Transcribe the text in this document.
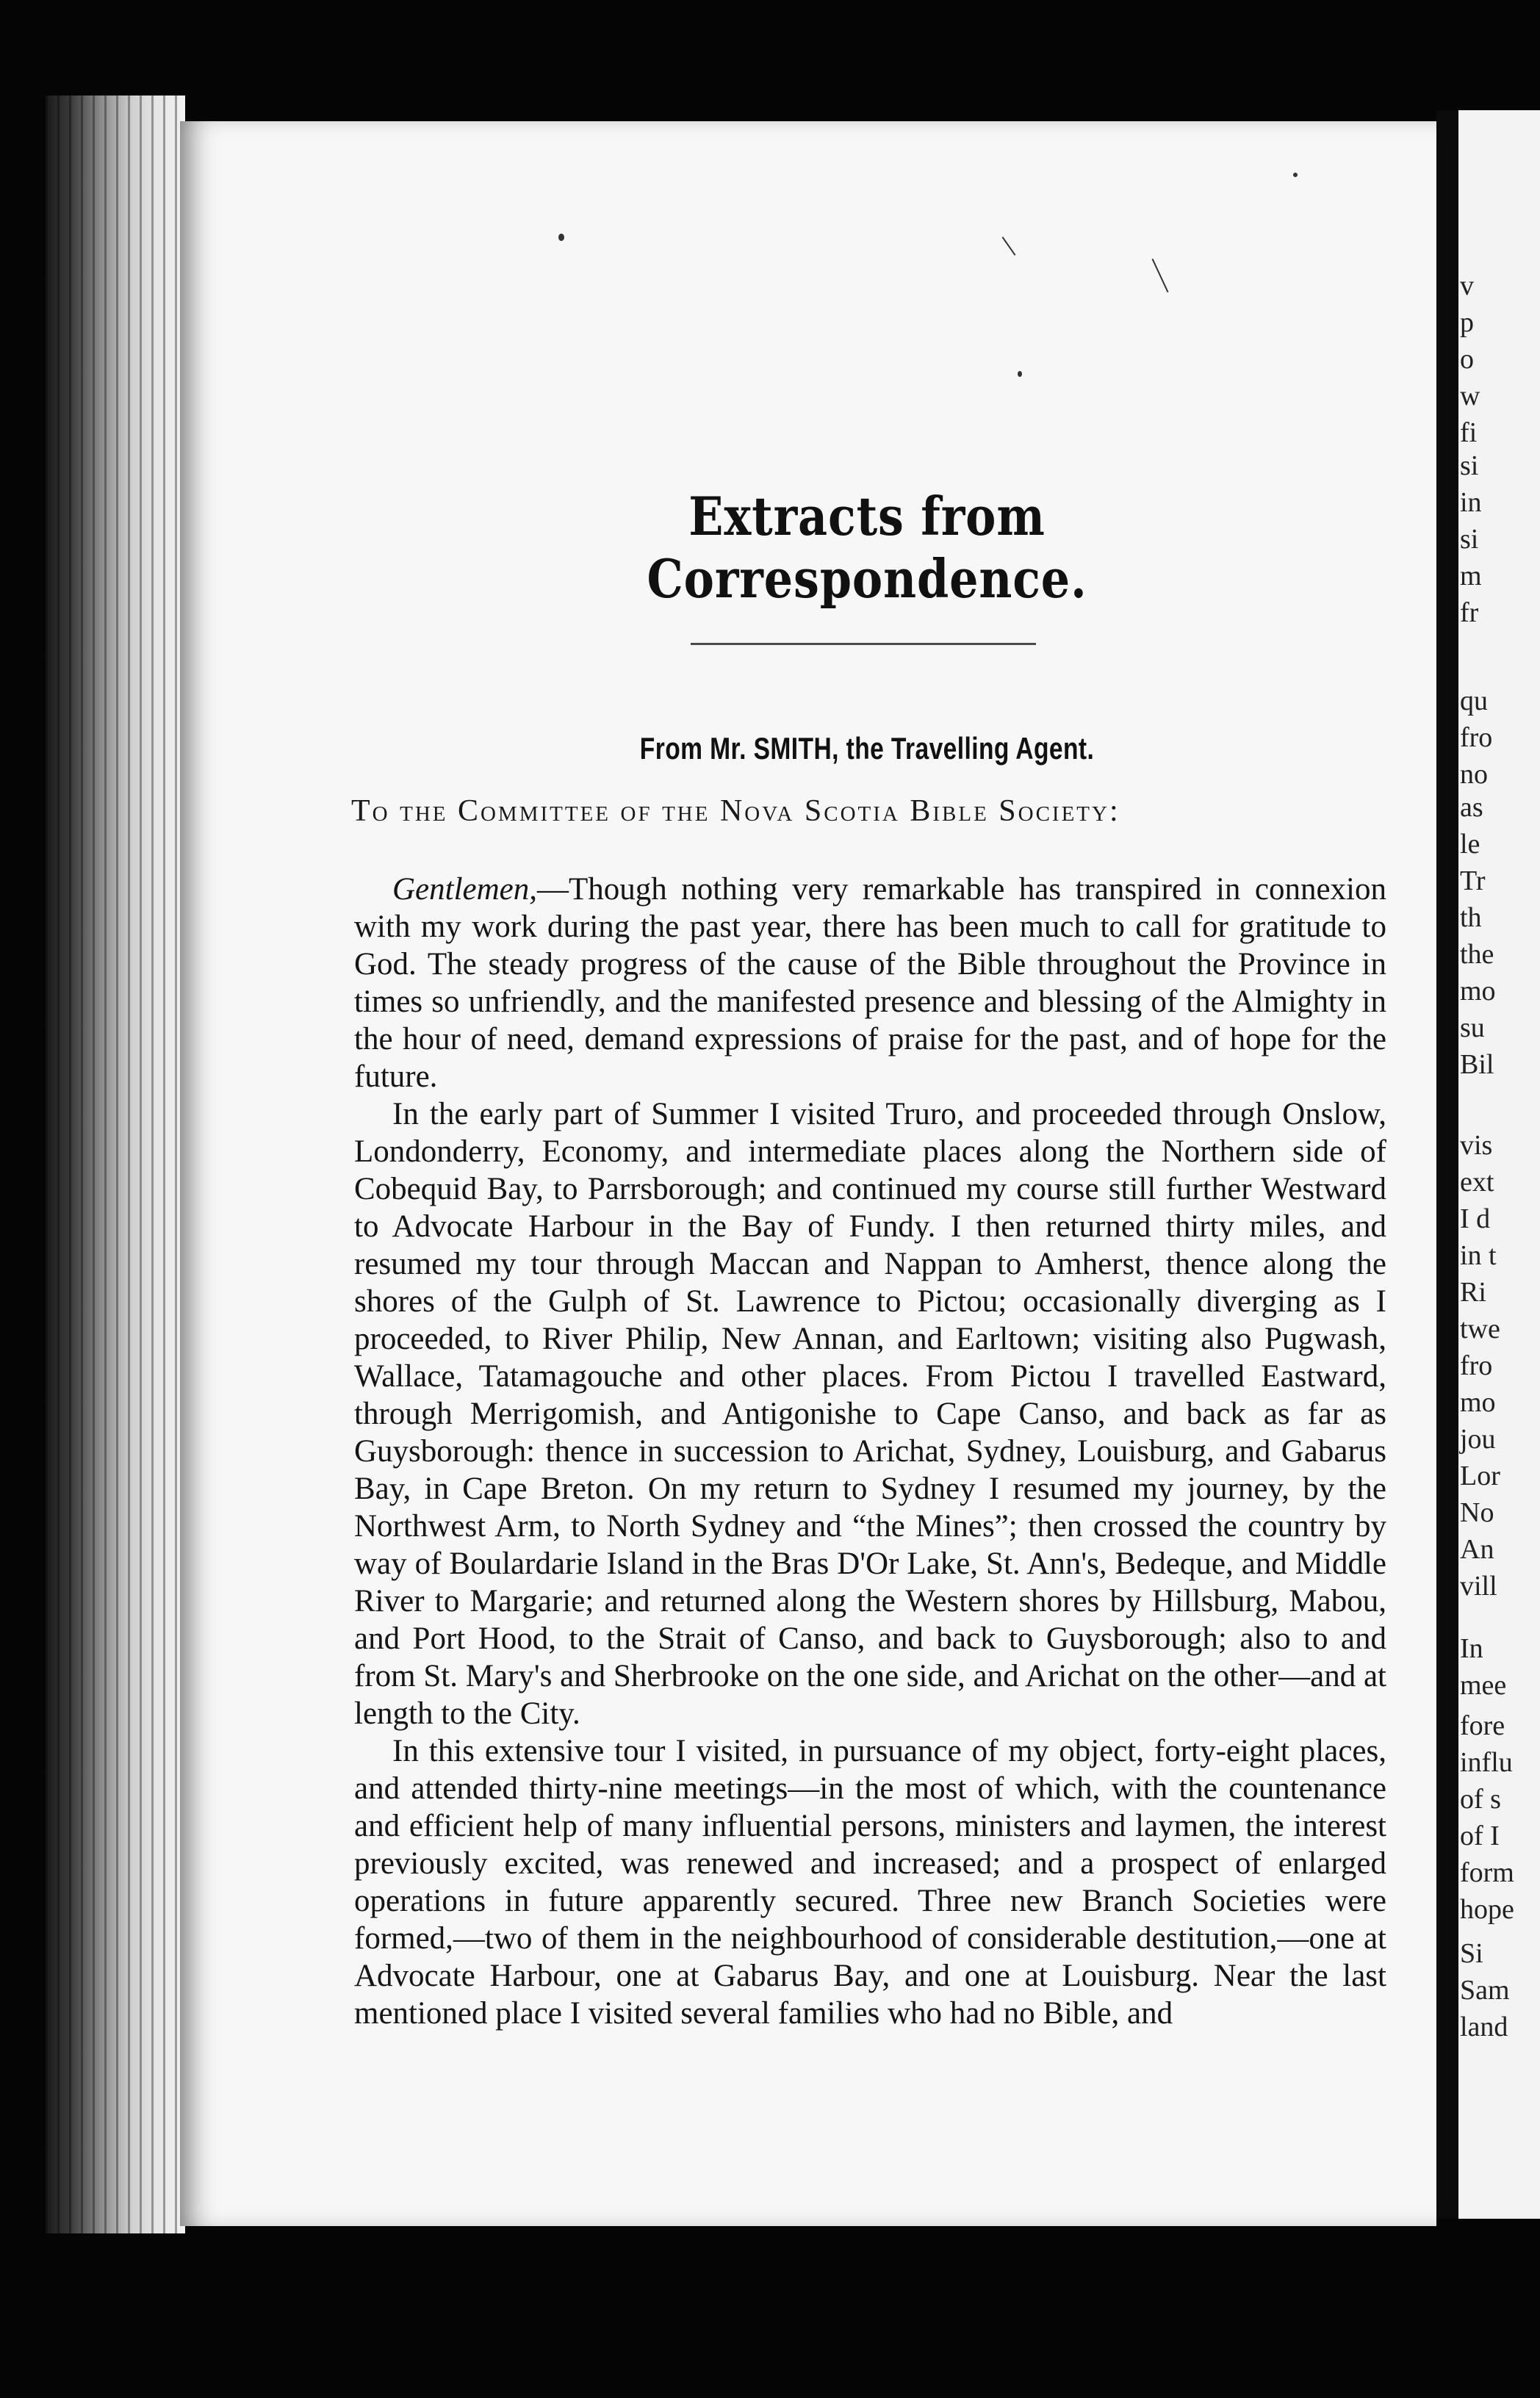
v
p
o
w
fi
si
in
si
m
fr
qu
fro
no
as
le
Tr
th
the
mo
su
Bil
vis
ext
I d
in t
Ri
twe
fro
mo
jou
Lor
No
An
vill
In
mee
fore
influ
of s
of I
form
hope
Si
Sam
land
Extracts from Correspondence.
From Mr. SMITH, the Travelling Agent.
To the Committee of the Nova Scotia Bible Society:

Gentlemen,—Though nothing very remarkable has transpired in connexion with my work during the past year, there has been much to call for gratitude to God. The steady progress of the cause of the Bible throughout the Province in times so unfriendly, and the manifested presence and blessing of the Almighty in the hour of need, demand expressions of praise for the past, and of hope for the future.

In the early part of Summer I visited Truro, and proceeded through Onslow, Londonderry, Economy, and intermediate places along the Northern side of Cobequid Bay, to Parrsborough; and continued my course still further Westward to Advocate Harbour in the Bay of Fundy. I then returned thirty miles, and resumed my tour through Maccan and Nappan to Amherst, thence along the shores of the Gulph of St. Lawrence to Pictou; occasionally diverging as I proceeded, to River Philip, New Annan, and Earltown; visiting also Pugwash, Wallace, Tatamagouche and other places. From Pictou I travelled Eastward, through Merrigomish, and Antigonishe to Cape Canso, and back as far as Guysborough: thence in succession to Arichat, Sydney, Louisburg, and Gabarus Bay, in Cape Breton. On my return to Sydney I resumed my journey, by the Northwest Arm, to North Sydney and “the Mines”; then crossed the country by way of Boulardarie Island in the Bras D'Or Lake, St. Ann's, Bedeque, and Middle River to Margarie; and returned along the Western shores by Hillsburg, Mabou, and Port Hood, to the Strait of Canso, and back to Guysborough; also to and from St. Mary's and Sherbrooke on the one side, and Arichat on the other—and at length to the City.

In this extensive tour I visited, in pursuance of my object, forty-eight places, and attended thirty-nine meetings—in the most of which, with the countenance and efficient help of many influential persons, ministers and laymen, the interest previously excited, was renewed and increased; and a prospect of enlarged operations in future apparently secured. Three new Branch Societies were formed,—two of them in the neighbourhood of considerable destitution,—one at Advocate Harbour, one at Gabarus Bay, and one at Louisburg. Near the last mentioned place I visited several families who had no Bible, and
